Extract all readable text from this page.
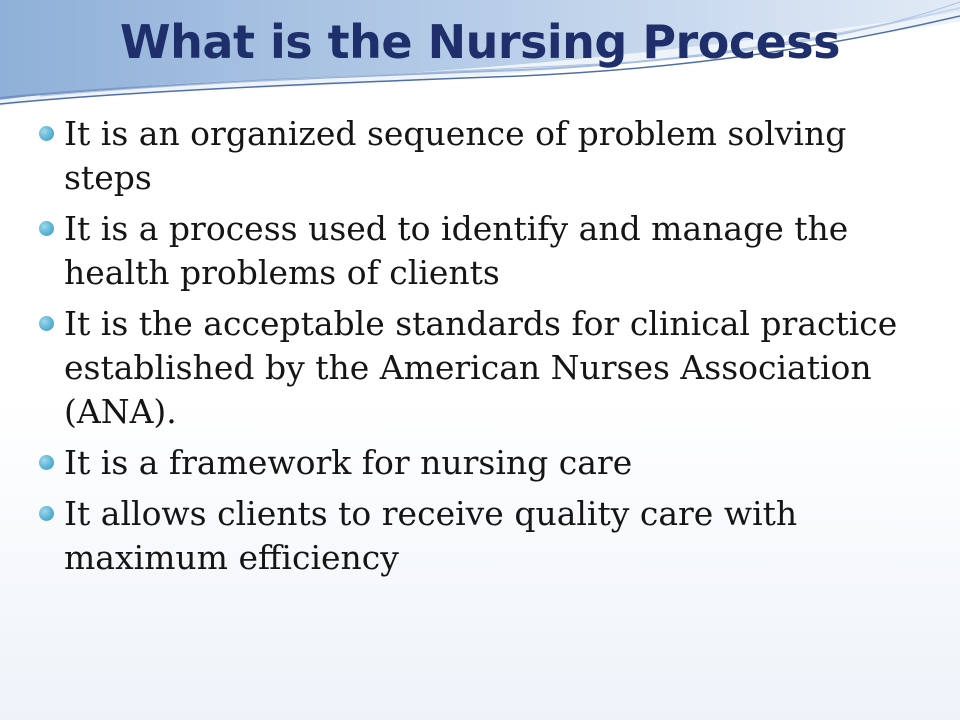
What is the Nursing Process
It is an organized sequence of problem solving steps
It is a process used to identify and manage the health problems of clients
It is the acceptable standards for clinical practice established by the American Nurses Association (ANA).
It is a framework for nursing care
It allows clients to receive quality care with maximum efficiency
